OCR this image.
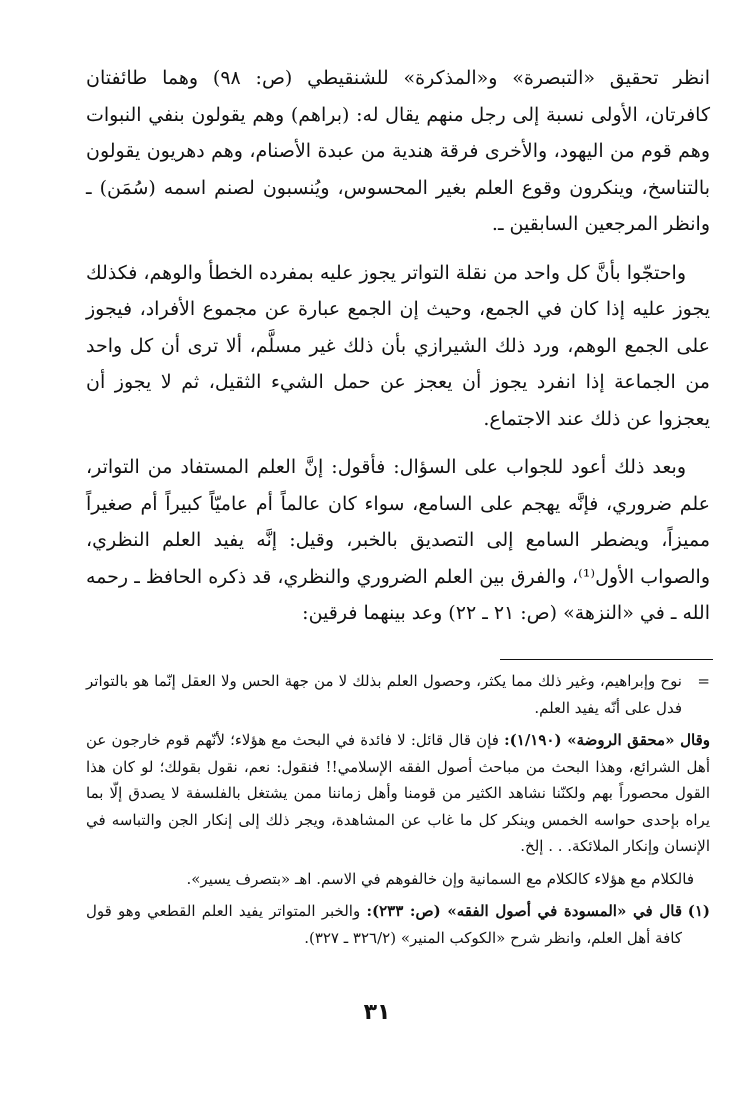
انظر تحقيق «التبصرة» و«المذكرة» للشنقيطي (ص: ٩٨) وهما طائفتان كافرتان، الأولى نسبة إلى رجل منهم يقال له: (براهم) وهم يقولون بنفي النبوات وهم قوم من اليهود، والأخرى فرقة هندية من عبدة الأصنام، وهم دهريون يقولون بالتناسخ، وينكرون وقوع العلم بغير المحسوس، ويُنسبون لصنم اسمه (سُمَن) ـ وانظر المرجعين السابقين ـ.

واحتجّوا بأنَّ كل واحد من نقلة التواتر يجوز عليه بمفرده الخطأ والوهم، فكذلك يجوز عليه إذا كان في الجمع، وحيث إن الجمع عبارة عن مجموع الأفراد، فيجوز على الجمع الوهم، ورد ذلك الشيرازي بأن ذلك غير مسلَّم، ألا ترى أن كل واحد من الجماعة إذا انفرد يجوز أن يعجز عن حمل الشيء الثقيل، ثم لا يجوز أن يعجزوا عن ذلك عند الاجتماع.

وبعد ذلك أعود للجواب على السؤال: فأقول: إنَّ العلم المستفاد من التواتر، علم ضروري، فإنَّه يهجم على السامع، سواء كان عالماً أم عاميّاً كبيراً أم صغيراً مميزاً، ويضطر السامع إلى التصديق بالخبر، وقيل: إنَّه يفيد العلم النظري، والصواب الأول⁽¹⁾، والفرق بين العلم الضروري والنظري، قد ذكره الحافظ ـ رحمه الله ـ في «النزهة» (ص: ٢١ ـ ٢٢) وعد بينهما فرقين:

=
نوح وإبراهيم، وغير ذلك مما يكثر، وحصول العلم بذلك لا من جهة الحس ولا العقل إنّما هو بالتواتر فدل على أنّه يفيد العلم.
وقال «محقق الروضة» (١/١٩٠): فإن قال قائل: لا فائدة في البحث مع هؤلاء؛ لأنّهم قوم خارجون عن أهل الشرائع، وهذا البحث من مباحث أصول الفقه الإسلامي!! فنقول: نعم، نقول بقولك؛ لو كان هذا القول محصوراً بهم ولكنّنا نشاهد الكثير من قومنا وأهل زماننا ممن يشتغل بالفلسفة لا يصدق إلّا بما يراه بإحدى حواسه الخمس وينكر كل ما غاب عن المشاهدة، ويجر ذلك إلى إنكار الجن والتباسه في الإنسان وإنكار الملائكة. . . إلخ.
فالكلام مع هؤلاء كالكلام مع السمانية وإن خالفوهم في الاسم. اهـ «بتصرف يسير».
(١)
قال في «المسودة في أصول الفقه» (ص: ٢٣٣): والخبر المتواتر يفيد العلم القطعي وهو قول كافة أهل العلم، وانظر شرح «الكوكب المنير» (٣٢٦/٢ ـ ٣٢٧).
٣١
